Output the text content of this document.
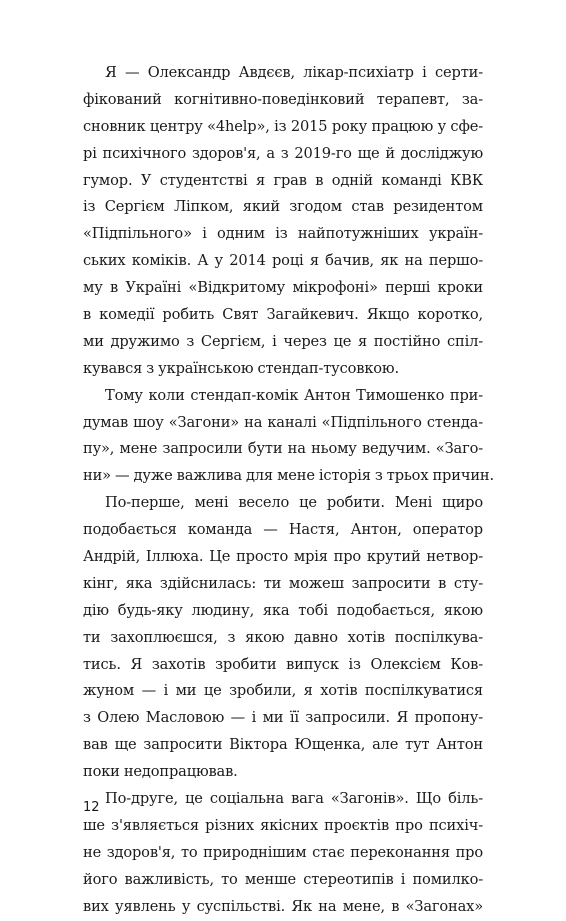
Я — Олександр Авдєєв, лікар-психіатр і серти-
фікований когнітивно-поведінковий терапевт, за-
сновник центру «4help», із 2015 року працюю у сфе-
рі психічного здоров'я, а з 2019-го ще й досліджую
гумор. У студентстві я грав в одній команді КВК
із Сергієм Ліпком, який згодом став резидентом
«Підпільного» і одним із найпотужніших україн-
ських коміків. А у 2014 році я бачив, як на першо-
му в Україні «Відкритому мікрофоні» перші кроки
в комедії робить Свят Загайкевич. Якщо коротко,
ми дружимо з Сергієм, і через це я постійно спіл-
кувався з українською стендап-тусовкою.
Тому коли стендап-комік Антон Тимошенко при-
думав шоу «Загони» на каналі «Підпільного стенда-
пу», мене запросили бути на ньому ведучим. «Заго-
ни» — дуже важлива для мене історія з трьох причин.
По-перше, мені весело це робити. Мені щиро
подобається команда — Настя, Антон, оператор
Андрій, Іллюха. Це просто мрія про крутий нетвор-
кінг, яка здійснилась: ти можеш запросити в сту-
дію будь-яку людину, яка тобі подобається, якою
ти захоплюєшся, з якою давно хотів поспілкува-
тись. Я захотів зробити випуск із Олексієм Ков-
жуном — і ми це зробили, я хотів поспілкуватися
з Олею Масловою — і ми її запросили. Я пропону-
вав ще запросити Віктора Ющенка, але тут Антон
поки недопрацював.
По-друге, це соціальна вага «Загонів». Що біль-
ше з'являється різних якісних проєктів про психіч-
не здоров'я, то природнішим стає переконання про
його важливість, то менше стереотипів і помилко-
вих уявлень у суспільстві. Як на мене, в «Загонах»
12
